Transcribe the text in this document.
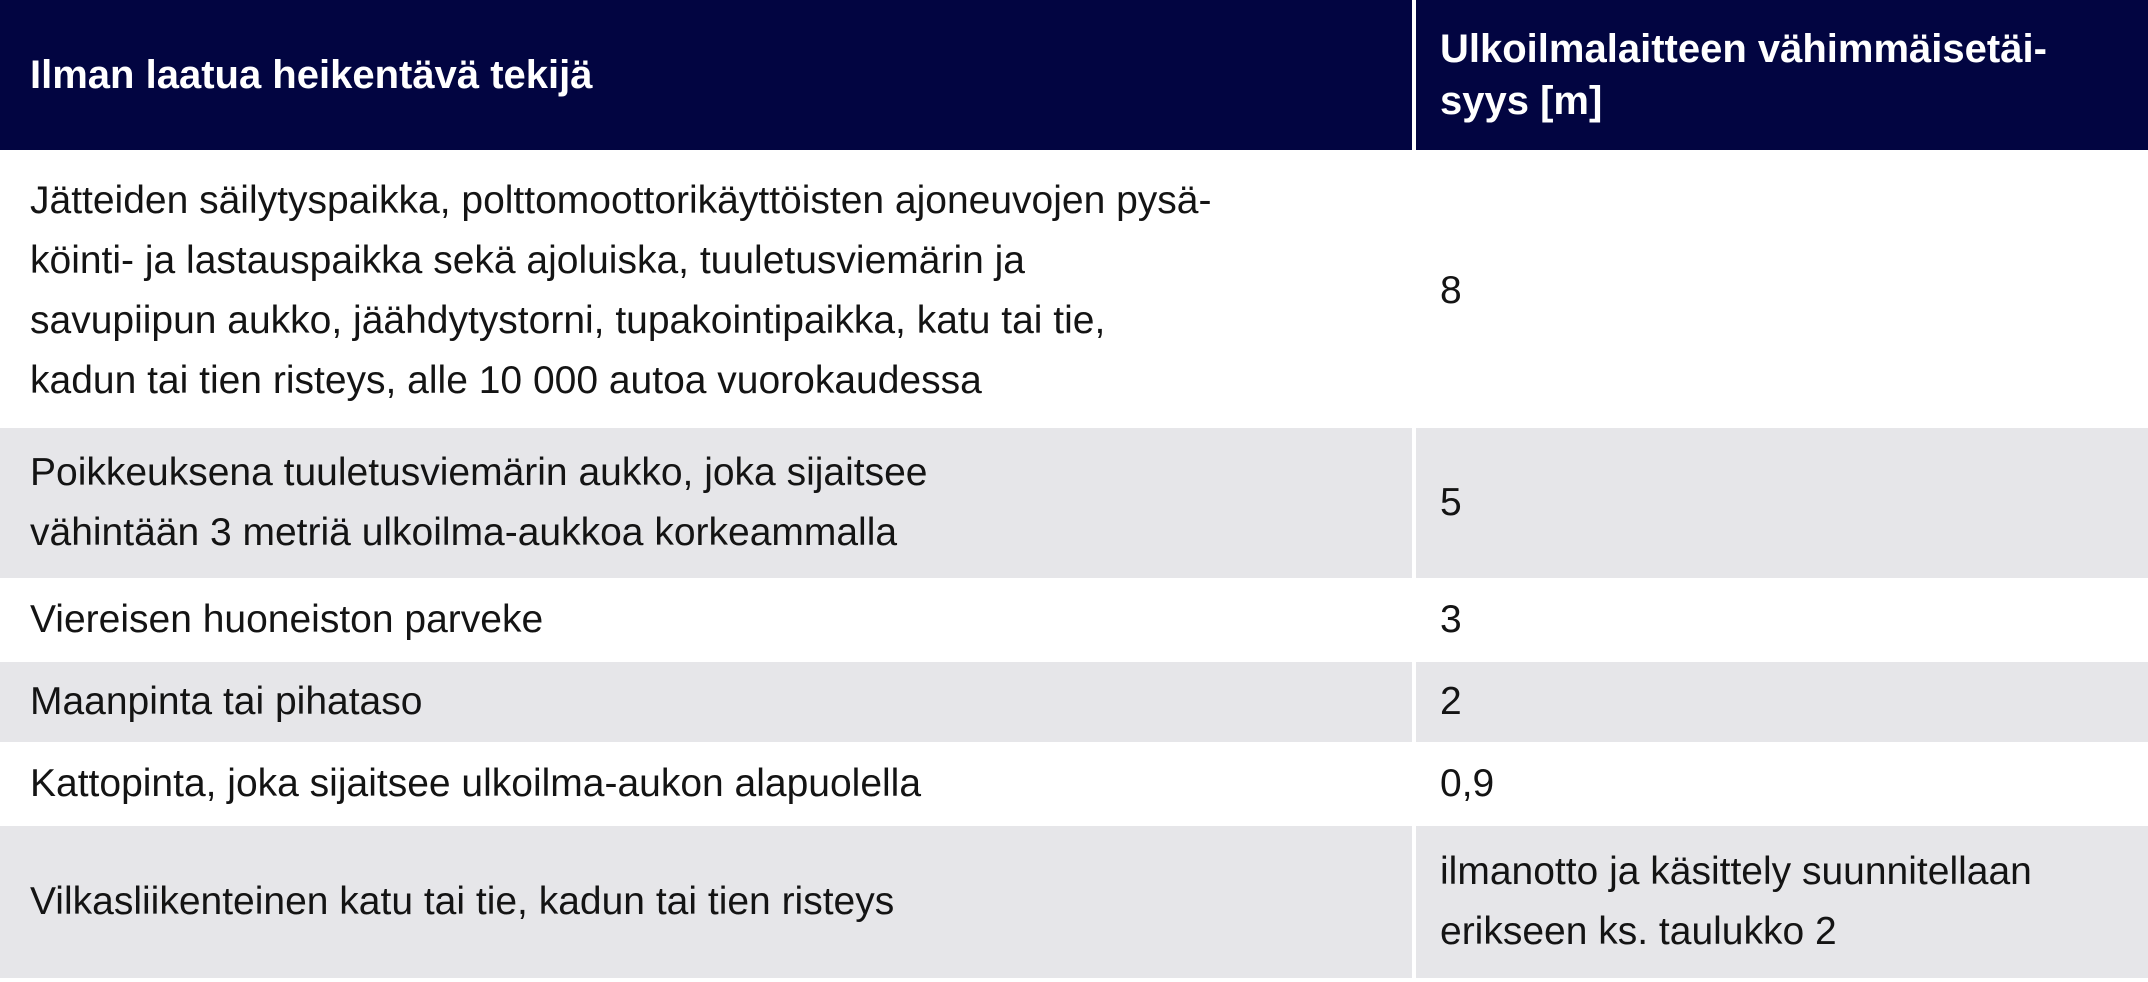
Ilman laatua heikentävä tekijä	Ulkoilmalaitteen vähimmäisetäi-
syys [m]
Jätteiden säilytyspaikka, polttomoottorikäyttöisten ajoneuvojen pysä-
köinti- ja lastauspaikka sekä ajoluiska, tuuletusviemärin ja
savupiipun aukko, jäähdytystorni, tupakointipaikka, katu tai tie,
kadun tai tien risteys, alle 10 000 autoa vuorokaudessa	8
Poikkeuksena tuuletusviemärin aukko, joka sijaitsee
vähintään 3 metriä ulkoilma-aukkoa korkeammalla	5
Viereisen huoneiston parveke	3
Maanpinta tai pihataso	2
Kattopinta, joka sijaitsee ulkoilma-aukon alapuolella	0,9
Vilkasliikenteinen katu tai tie, kadun tai tien risteys	ilmanotto ja käsittely suunnitellaan
erikseen ks. taulukko 2
